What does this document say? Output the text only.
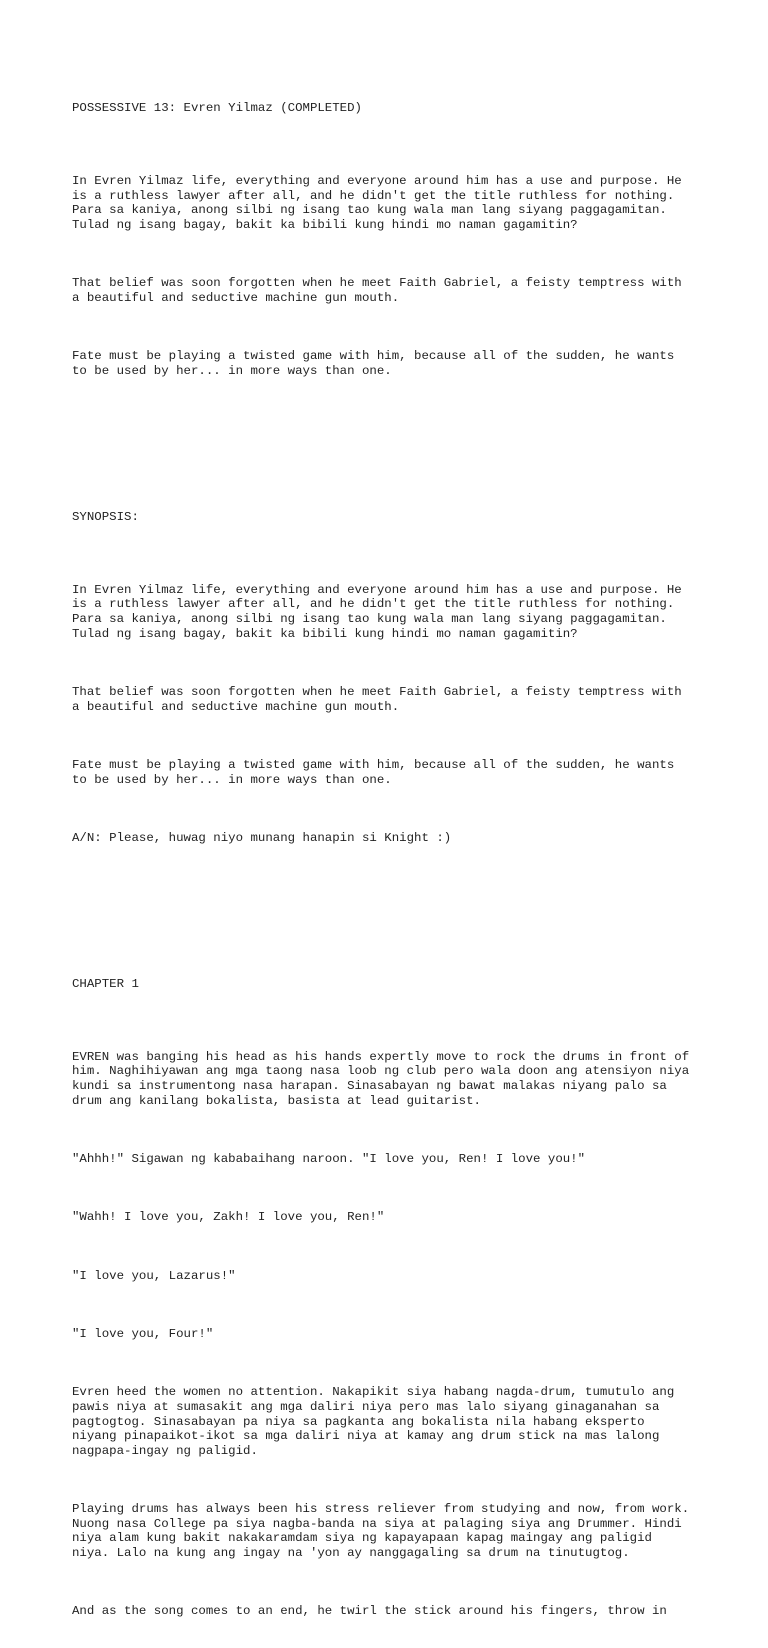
POSSESSIVE 13: Evren Yilmaz (COMPLETED)

In Evren Yilmaz life, everything and everyone around him has a use and purpose. He
is a ruthless lawyer after all, and he didn't get the title ruthless for nothing.
Para sa kaniya, anong silbi ng isang tao kung wala man lang siyang paggagamitan.
Tulad ng isang bagay, bakit ka bibili kung hindi mo naman gagamitin?

That belief was soon forgotten when he meet Faith Gabriel, a feisty temptress with
a beautiful and seductive machine gun mouth.

Fate must be playing a twisted game with him, because all of the sudden, he wants
to be used by her... in more ways than one.

SYNOPSIS:

In Evren Yilmaz life, everything and everyone around him has a use and purpose. He
is a ruthless lawyer after all, and he didn't get the title ruthless for nothing.
Para sa kaniya, anong silbi ng isang tao kung wala man lang siyang paggagamitan.
Tulad ng isang bagay, bakit ka bibili kung hindi mo naman gagamitin?

That belief was soon forgotten when he meet Faith Gabriel, a feisty temptress with
a beautiful and seductive machine gun mouth.

Fate must be playing a twisted game with him, because all of the sudden, he wants
to be used by her... in more ways than one.

A/N: Please, huwag niyo munang hanapin si Knight :)

CHAPTER 1

EVREN was banging his head as his hands expertly move to rock the drums in front of
him. Naghihiyawan ang mga taong nasa loob ng club pero wala doon ang atensiyon niya
kundi sa instrumentong nasa harapan. Sinasabayan ng bawat malakas niyang palo sa
drum ang kanilang bokalista, basista at lead guitarist.

"Ahhh!" Sigawan ng kababaihang naroon. "I love you, Ren! I love you!"

"Wahh! I love you, Zakh! I love you, Ren!"

"I love you, Lazarus!"

"I love you, Four!"

Evren heed the women no attention. Nakapikit siya habang nagda-drum, tumutulo ang
pawis niya at sumasakit ang mga daliri niya pero mas lalo siyang ginaganahan sa
pagtogtog. Sinasabayan pa niya sa pagkanta ang bokalista nila habang eksperto
niyang pinapaikot-ikot sa mga daliri niya at kamay ang drum stick na mas lalong
nagpapa-ingay ng paligid.

Playing drums has always been his stress reliever from studying and now, from work.
Nuong nasa College pa siya nagba-banda na siya at palaging siya ang Drummer. Hindi
niya alam kung bakit nakakaramdam siya ng kapayapaan kapag maingay ang paligid
niya. Lalo na kung ang ingay na 'yon ay nanggagaling sa drum na tinutugtog.

And as the song comes to an end, he twirl the stick around his fingers, throw in
